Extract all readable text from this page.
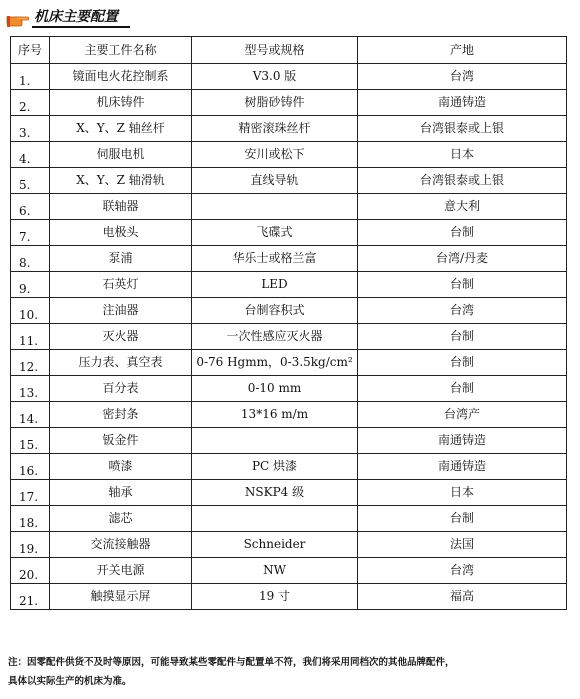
机床主要配置
序号	主要工件名称	型号或规格	产地
1.	镜面电火花控制系	V3.0 版	台湾
2.	机床铸件	树脂砂铸件	南通铸造
3.	X、Y、Z 轴丝杆	精密滚珠丝杆	台湾银泰或上银
4.	伺服电机	安川或松下	日本
5.	X、Y、Z 轴滑轨	直线导轨	台湾银泰或上银
6.	联轴器		意大利
7.	电极头	飞碟式	台制
8.	泵浦	华乐士或格兰富	台湾/丹麦
9.	石英灯	LED	台制
10.	注油器	台制容积式	台湾
11.	灭火器	一次性感应灭火器	台制
12.	压力表、真空表	0-76 Hgmm，0-3.5kg/cm²	台制
13.	百分表	0-10 mm	台制
14.	密封条	13*16 m/m	台湾产
15.	钣金件		南通铸造
16.	喷漆	PC 烘漆	南通铸造
17.	轴承	NSKP4 级	日本
18.	滤芯		台制
19.	交流接触器	Schneider	法国
20.	开关电源	NW	台湾
21.	触摸显示屏	19 寸	福高
注：因零配件供货不及时等原因，可能导致某些零配件与配置单不符，我们将采用同档次的其他品牌配件，
具体以实际生产的机床为准。
